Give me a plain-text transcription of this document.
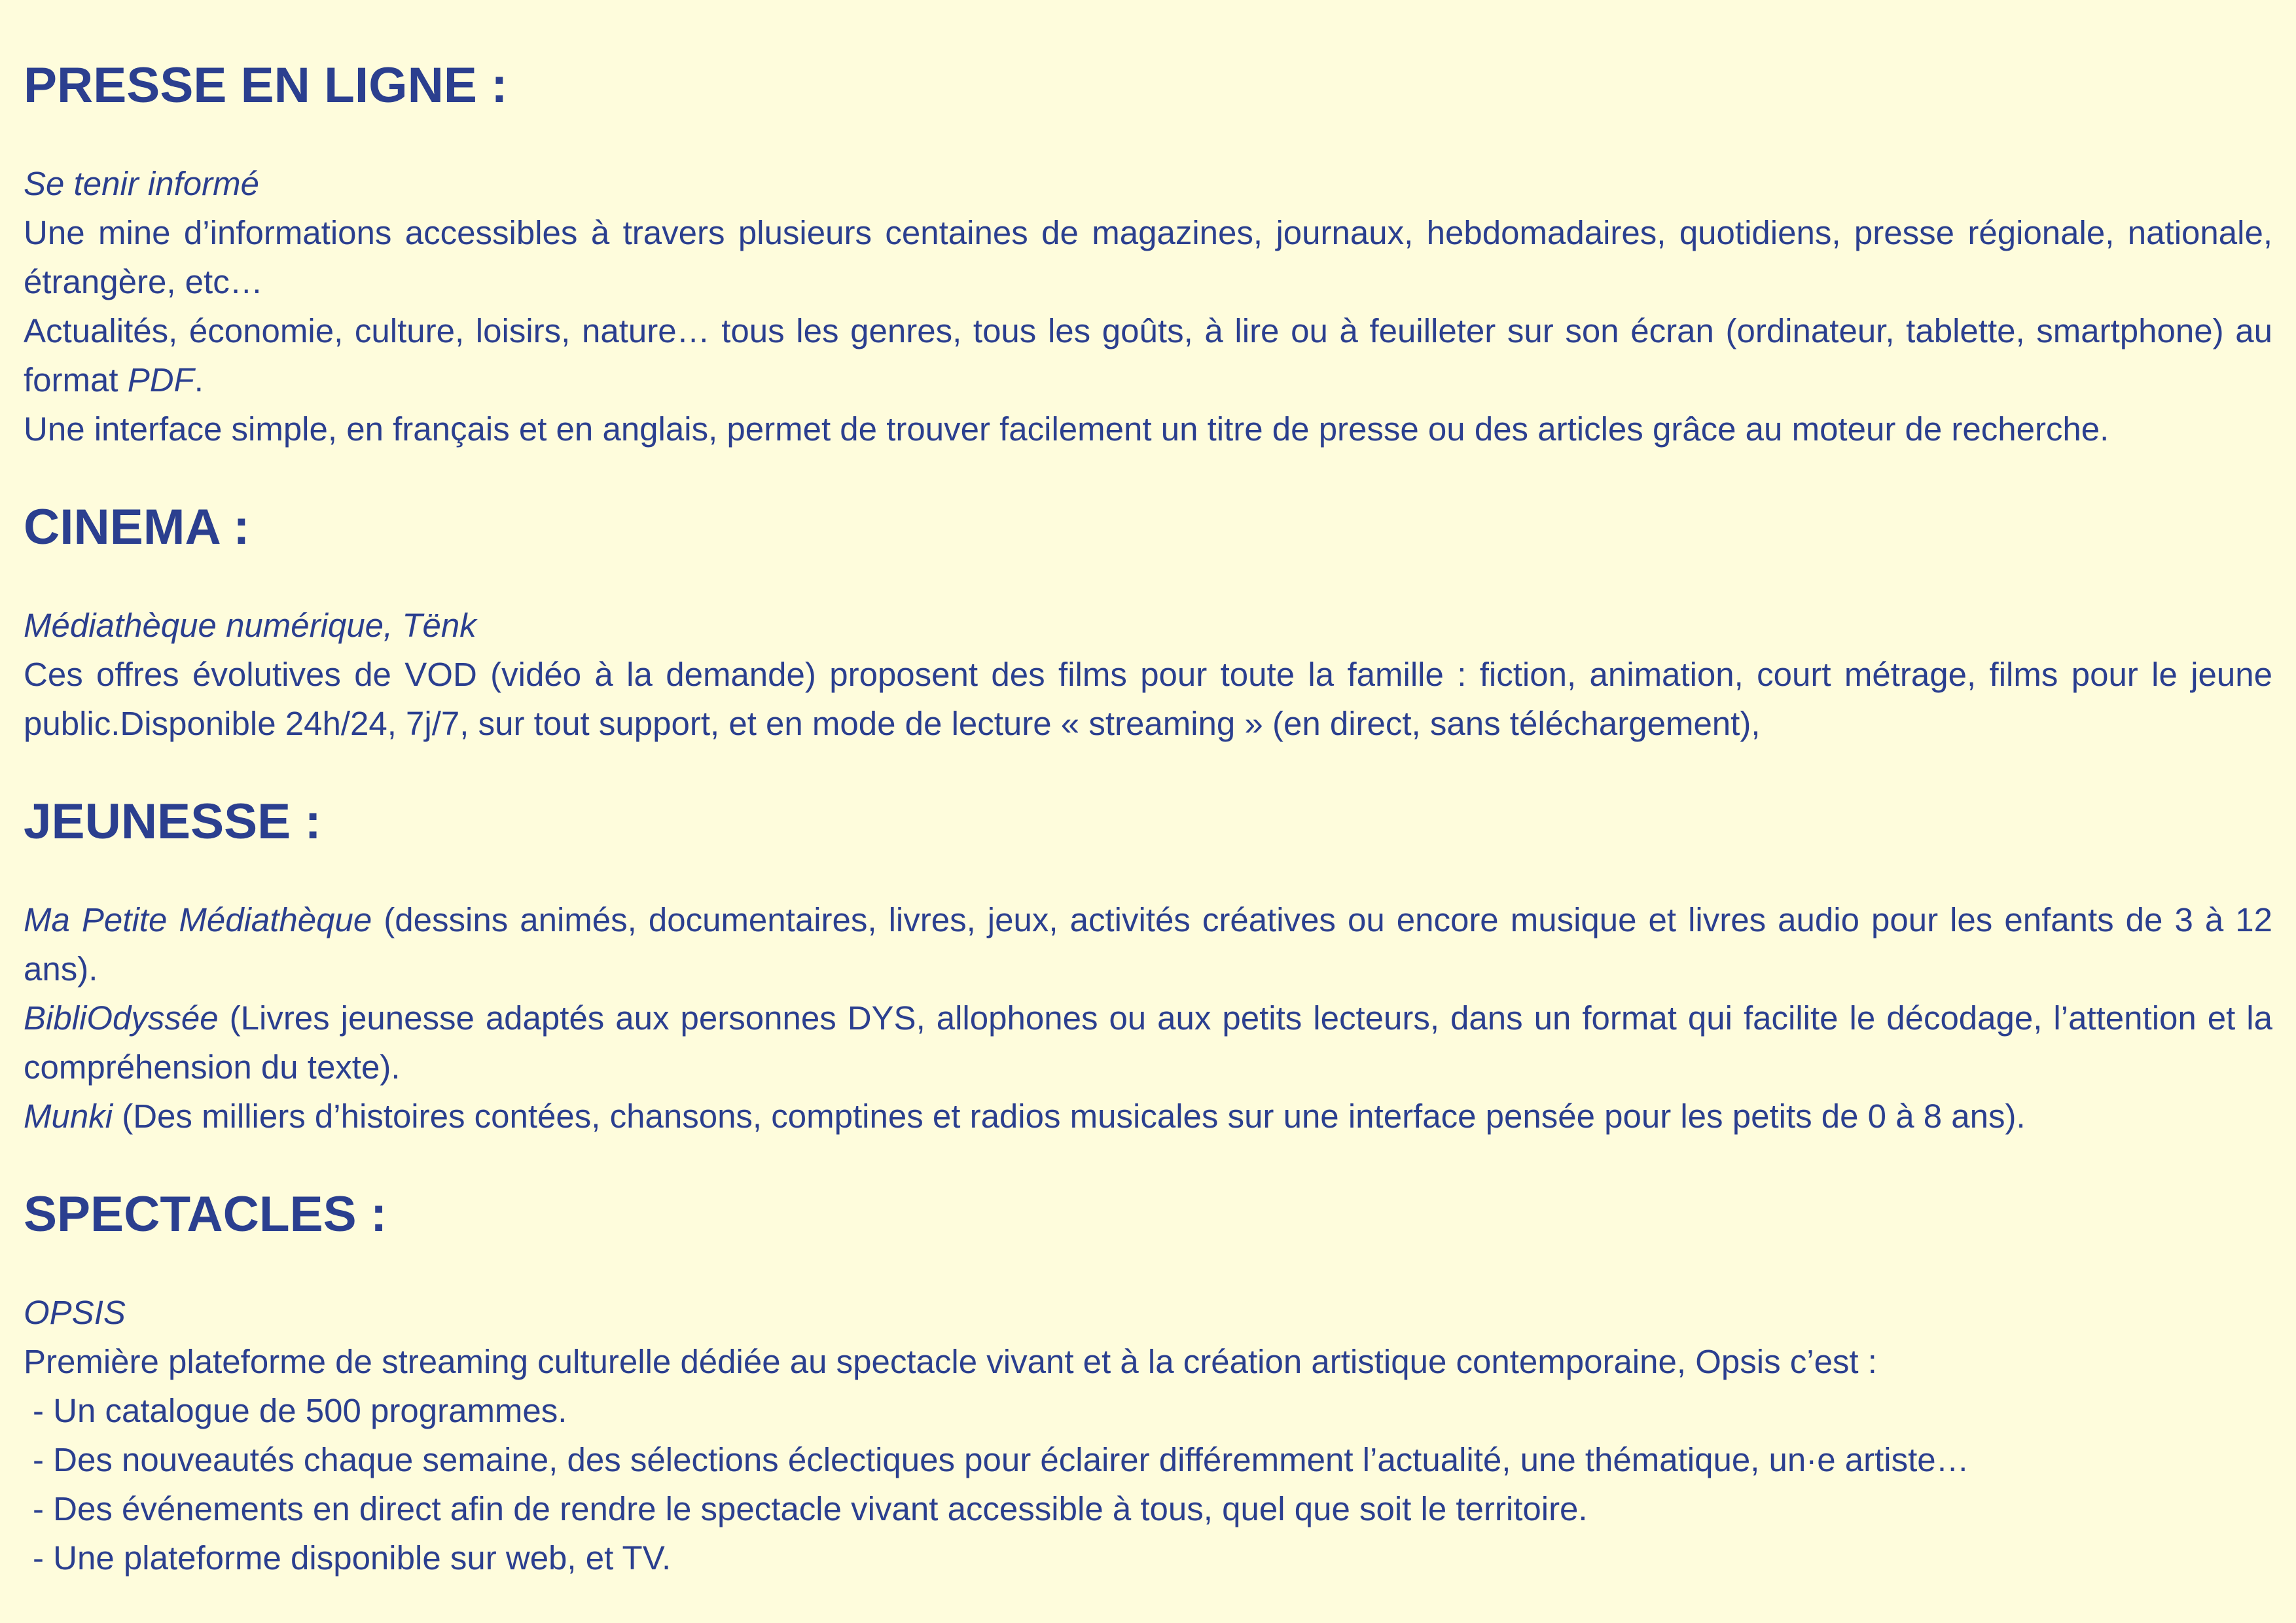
PRESSE EN LIGNE :

Se tenir informé

Une mine d’informations accessibles à travers plusieurs centaines de magazines, journaux, hebdomadaires, quotidiens, presse régionale, nationale, étrangère, etc…

Actualités, économie, culture, loisirs, nature… tous les genres, tous les goûts, à lire ou à feuilleter sur son écran (ordinateur, tablette, smartphone) au format PDF.

Une interface simple, en français et en anglais, permet de trouver facilement un titre de presse ou des articles grâce au moteur de recherche.

CINEMA :

Médiathèque numérique, Tënk

Ces offres évolutives de VOD (vidéo à la demande) proposent des films pour toute la famille : fiction, animation, court métrage, films pour le jeune public.Disponible 24h/24, 7j/7, sur tout support, et en mode de lecture « streaming » (en direct, sans téléchargement),

JEUNESSE :

Ma Petite Médiathèque (dessins animés, documentaires, livres, jeux, activités créatives ou encore musique et livres audio pour les enfants de 3 à 12 ans).

BibliOdyssée (Livres jeunesse adaptés aux personnes DYS, allophones ou aux petits lecteurs, dans un format qui facilite le décodage, l’attention et la compréhension du texte).

Munki (Des milliers d’histoires contées, chansons, comptines et radios musicales sur une interface pensée pour les petits de 0 à 8 ans).

SPECTACLES :

OPSIS

Première plateforme de streaming culturelle dédiée au spectacle vivant et à la création artistique contemporaine, Opsis c’est :

- Un catalogue de 500 programmes.

- Des nouveautés chaque semaine, des sélections éclectiques pour éclairer différemment l’actualité, une thématique, un·e artiste…

- Des événements en direct afin de rendre le spectacle vivant accessible à tous, quel que soit le territoire.

- Une plateforme disponible sur web, et TV.
